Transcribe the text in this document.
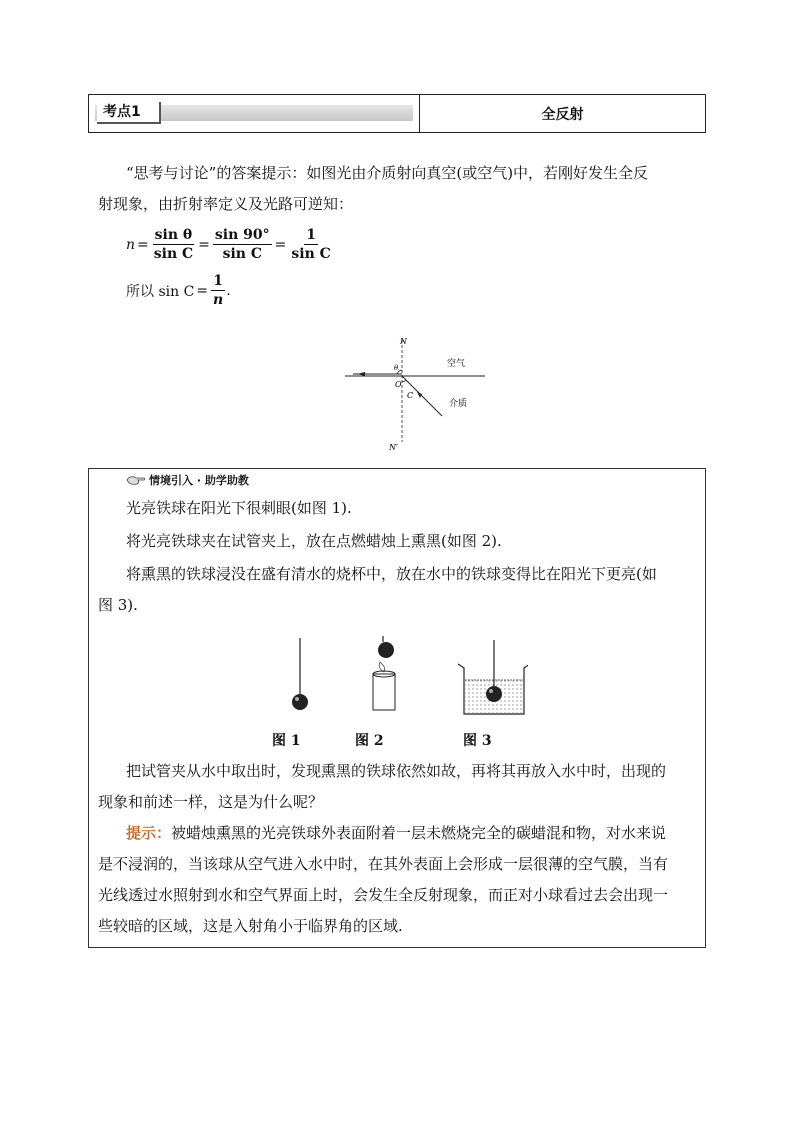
考点1	全反射
“思考与讨论”的答案提示：如图光由介质射向真空(或空气)中，若刚好发生全反
射现象，由折射率定义及光路可逆知：
$n = \frac{\text{sin θ}}{\text{sin C}} = \frac{\sin 90^\circ}{\text{sin C}} = \frac{1}{\text{sin C}}$
所以 $\sin C = \frac{1}{n}$ .
N
N′
O
θ
C
空气
介质
情境引入 · 助学助教
光亮铁球在阳光下很刺眼(如图 1).
将光亮铁球夹在试管夹上，放在点燃蜡烛上熏黑(如图 2).
将熏黑的铁球浸没在盛有清水的烧杯中，放在水中的铁球变得比在阳光下更亮(如
图 3).
图 1	图 2	图 3
把试管夹从水中取出时，发现熏黑的铁球依然如故，再将其再放入水中时，出现的
现象和前述一样，这是为什么呢？
提示：被蜡烛熏黑的光亮铁球外表面附着一层未燃烧完全的碳蜡混和物，对水来说
是不浸润的，当该球从空气进入水中时，在其外表面上会形成一层很薄的空气膜，当有
光线透过水照射到水和空气界面上时，会发生全反射现象，而正对小球看过去会出现一
些较暗的区域，这是入射角小于临界角的区域.
